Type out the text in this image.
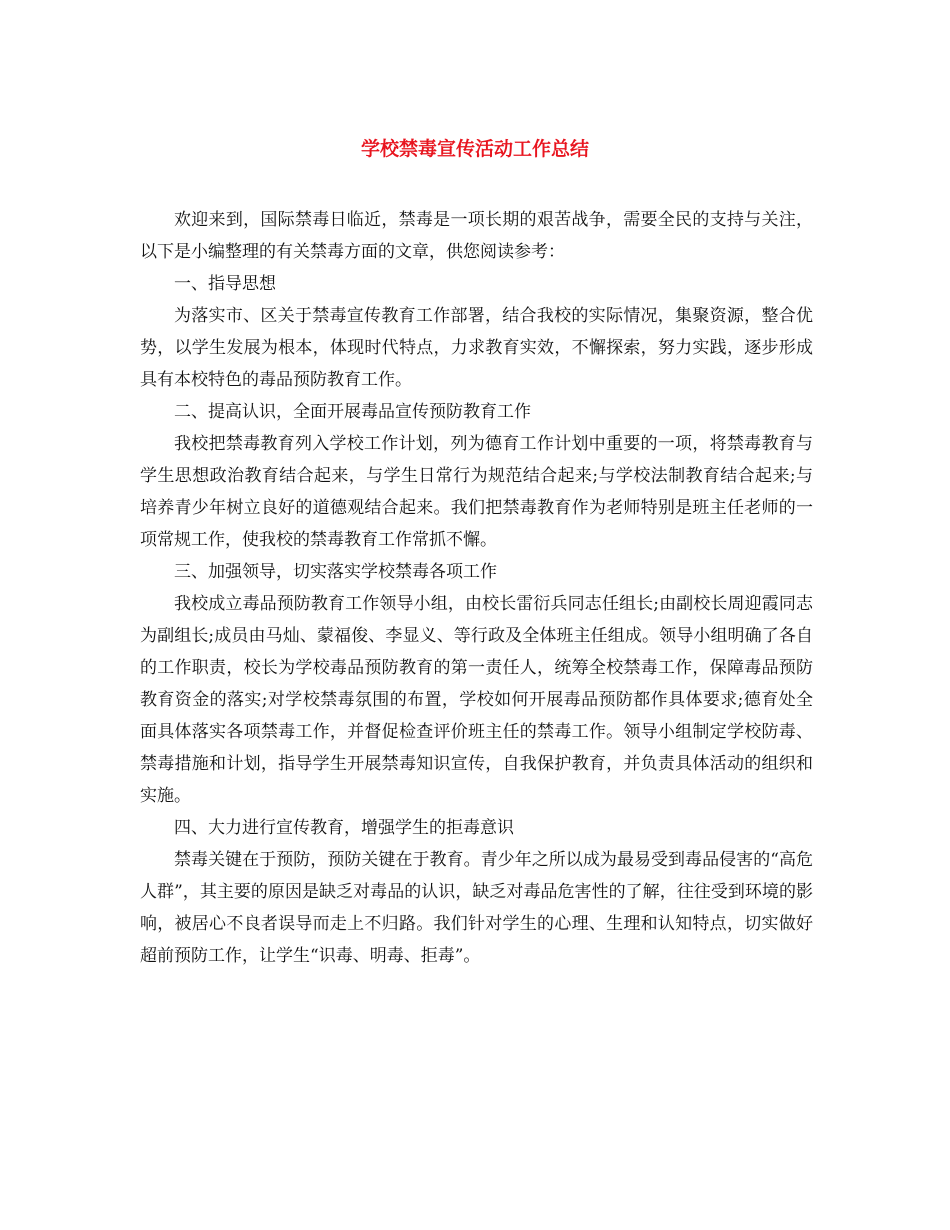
学校禁毒宣传活动工作总结

欢迎来到，国际禁毒日临近，禁毒是一项长期的艰苦战争，需要全民的支持与关注，以下是小编整理的有关禁毒方面的文章，供您阅读参考：

一、指导思想

为落实市、区关于禁毒宣传教育工作部署，结合我校的实际情况，集聚资源，整合优势，以学生发展为根本，体现时代特点，力求教育实效，不懈探索，努力实践，逐步形成具有本校特色的毒品预防教育工作。

二、提高认识，全面开展毒品宣传预防教育工作

我校把禁毒教育列入学校工作计划，列为德育工作计划中重要的一项，将禁毒教育与学生思想政治教育结合起来，与学生日常行为规范结合起来;与学校法制教育结合起来;与培养青少年树立良好的道德观结合起来。我们把禁毒教育作为老师特别是班主任老师的一项常规工作，使我校的禁毒教育工作常抓不懈。

三、加强领导，切实落实学校禁毒各项工作

我校成立毒品预防教育工作领导小组，由校长雷衍兵同志任组长;由副校长周迎霞同志为副组长;成员由马灿、蒙福俊、李显义、等行政及全体班主任组成。领导小组明确了各自的工作职责，校长为学校毒品预防教育的第一责任人，统筹全校禁毒工作，保障毒品预防教育资金的落实;对学校禁毒氛围的布置，学校如何开展毒品预防都作具体要求;德育处全面具体落实各项禁毒工作，并督促检查评价班主任的禁毒工作。领导小组制定学校防毒、禁毒措施和计划，指导学生开展禁毒知识宣传，自我保护教育，并负责具体活动的组织和实施。

四、大力进行宣传教育，增强学生的拒毒意识

禁毒关键在于预防，预防关键在于教育。青少年之所以成为最易受到毒品侵害的“高危人群”，其主要的原因是缺乏对毒品的认识，缺乏对毒品危害性的了解，往往受到环境的影响，被居心不良者误导而走上不归路。我们针对学生的心理、生理和认知特点，切实做好超前预防工作，让学生“识毒、明毒、拒毒”。
